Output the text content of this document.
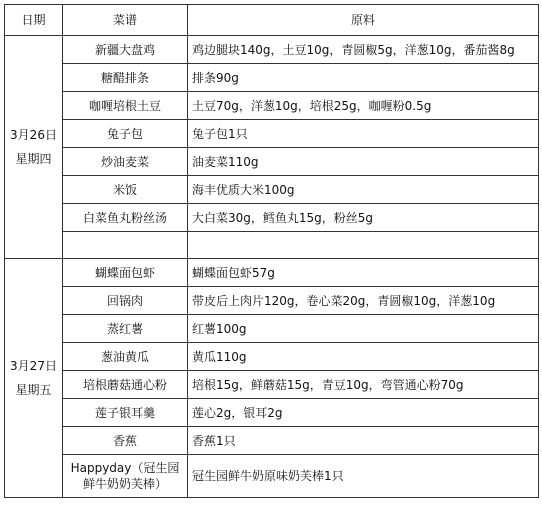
日期	菜谱	原料

3月26日
星期四	新疆大盘鸡	鸡边腿块140g，土豆10g，青圆椒5g，洋葱10g，番茄酱8g
	糖醋排条	排条90g
	咖喱培根土豆	土豆70g，洋葱10g，培根25g，咖喱粉0.5g
	兔子包	兔子包1只
	炒油麦菜	油麦菜110g
	米饭	海丰优质大米100g
	白菜鱼丸粉丝汤	大白菜30g，鳕鱼丸15g，粉丝5g

3月27日
星期五	蝴蝶面包虾	蝴蝶面包虾57g
	回锅肉	带皮后上肉片120g，卷心菜20g，青圆椒10g，洋葱10g
	蒸红薯	红薯100g
	葱油黄瓜	黄瓜110g
	培根蘑菇通心粉	培根15g，鲜蘑菇15g，青豆10g，弯管通心粉70g
	莲子银耳羹	莲心2g，银耳2g
	香蕉	香蕉1只
	Happyday（冠生园鲜牛奶奶芙棒）	冠生园鲜牛奶原味奶芙棒1只
